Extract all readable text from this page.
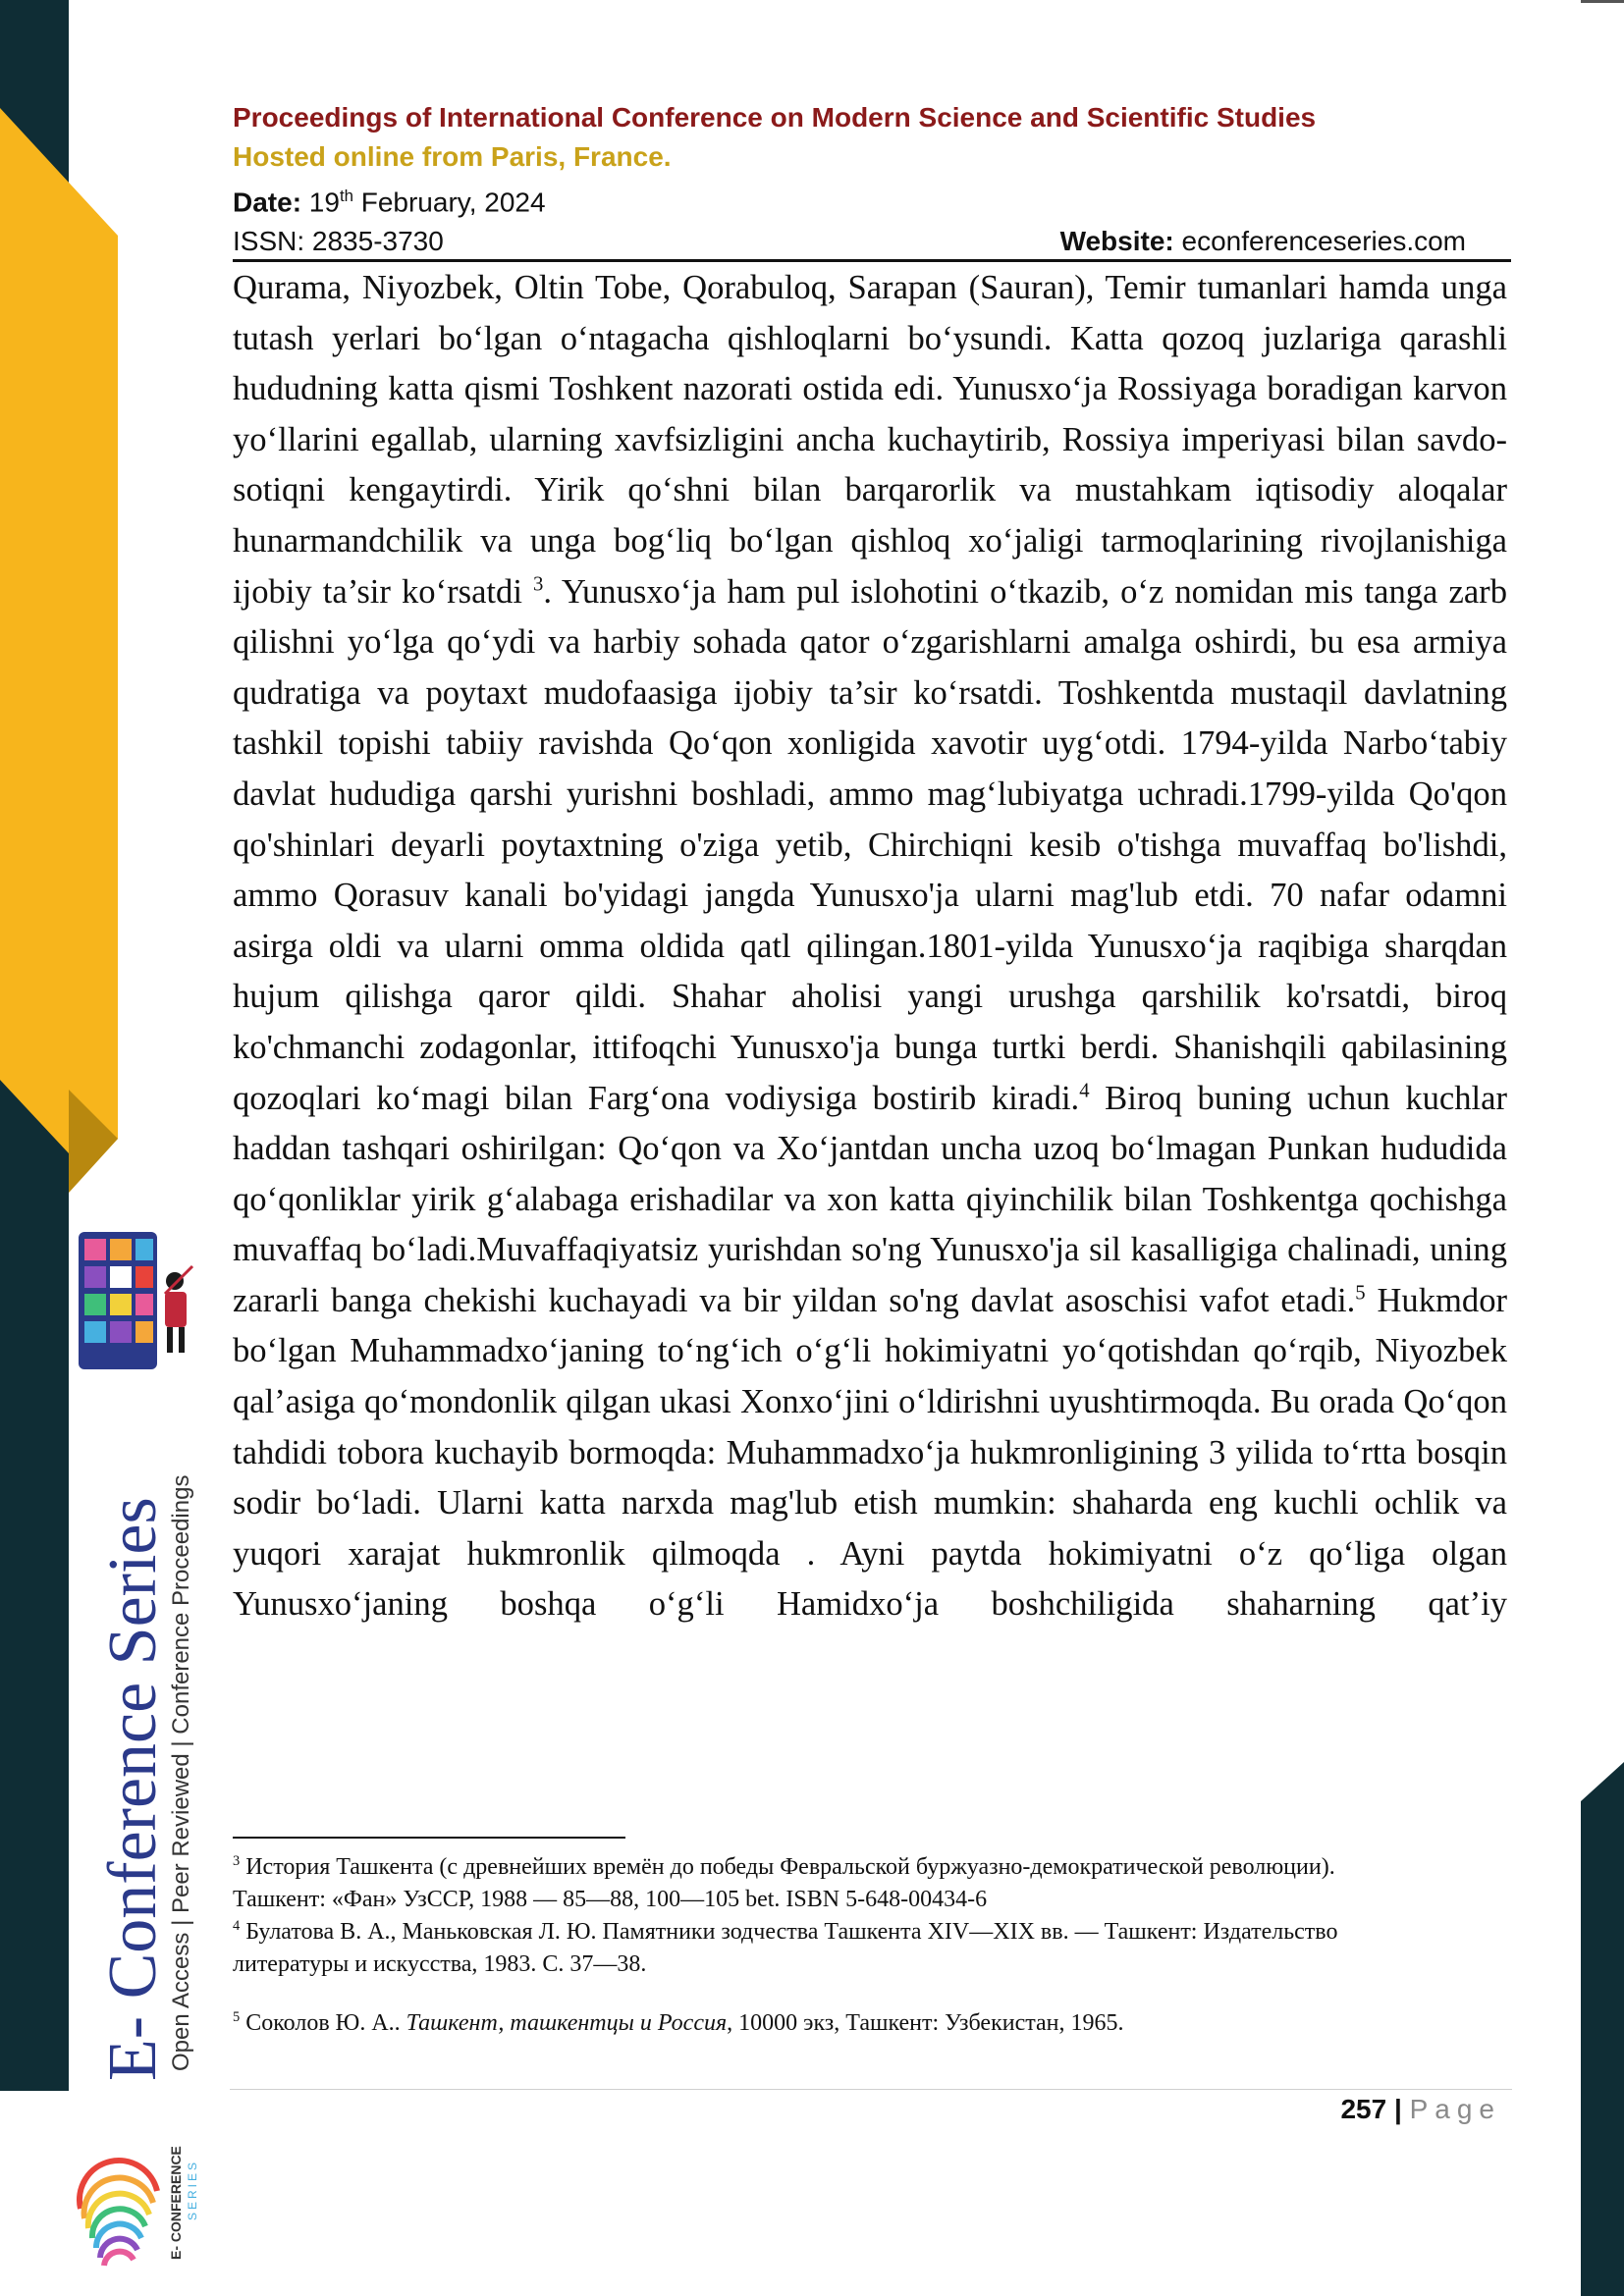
E- Conference Series
Open Access | Peer Reviewed | Conference Proceedings
E- CONFERENCE SERIES
Proceedings of International Conference on Modern Science and Scientific Studies
Hosted online from Paris, France.
Date: 19th February, 2024
ISSN: 2835-3730	Website: econferenceseries.com

Qurama, Niyozbek, Oltin Tobe, Qorabuloq, Sarapan (Sauran), Temir tumanlari hamda unga tutash yerlari bo‘lgan o‘ntagacha qishloqlarni bo‘ysundi. Katta qozoq juzlariga qarashli hududning katta qismi Toshkent nazorati ostida edi. Yunusxo‘ja Rossiyaga boradigan karvon yo‘llarini egallab, ularning xavfsizligini ancha kuchaytirib, Rossiya imperiyasi bilan savdo-sotiqni kengaytirdi. Yirik qo‘shni bilan barqarorlik va mustahkam iqtisodiy aloqalar hunarmandchilik va unga bog‘liq bo‘lgan qishloq xo‘jaligi tarmoqlarining rivojlanishiga ijobiy ta’sir ko‘rsatdi $^3$. Yunusxo‘ja ham pul islohotini o‘tkazib, o‘z nomidan mis tanga zarb qilishni yo‘lga qo‘ydi va harbiy sohada qator o‘zgarishlarni amalga oshirdi, bu esa armiya qudratiga va poytaxt mudofaasiga ijobiy ta’sir ko‘rsatdi. Toshkentda mustaqil davlatning tashkil topishi tabiiy ravishda Qo‘qon xonligida xavotir uyg‘otdi. 1794-yilda Narbo‘tabiy davlat hududiga qarshi yurishni boshladi, ammo mag‘lubiyatga uchradi.1799-yilda Qo'qon qo'shinlari deyarli poytaxtning o'ziga yetib, Chirchiqni kesib o'tishga muvaffaq bo'lishdi, ammo Qorasuv kanali bo'yidagi jangda Yunusxo'ja ularni mag'lub etdi. 70 nafar odamni asirga oldi va ularni omma oldida qatl qilingan.1801-yilda Yunusxo‘ja raqibiga sharqdan hujum qilishga qaror qildi. Shahar aholisi yangi urushga qarshilik ko'rsatdi, biroq ko'chmanchi zodagonlar, ittifoqchi Yunusxo'ja bunga turtki berdi. Shanishqili qabilasining qozoqlari ko‘magi bilan Farg‘ona vodiysiga bostirib kiradi.$^4$ Biroq buning uchun kuchlar haddan tashqari oshirilgan: Qo‘qon va Xo‘jantdan uncha uzoq bo‘lmagan Punkan hududida qo‘qonliklar yirik g‘alabaga erishadilar va xon katta qiyinchilik bilan Toshkentga qochishga muvaffaq bo‘ladi.Muvaffaqiyatsiz yurishdan so'ng Yunusxo'ja sil kasalligiga chalinadi, uning zararli banga chekishi kuchayadi va bir yildan so'ng davlat asoschisi vafot etadi.$^5$ Hukmdor bo‘lgan Muhammadxo‘janing to‘ng‘ich o‘g‘li hokimiyatni yo‘qotishdan qo‘rqib, Niyozbek qal’asiga qo‘mondonlik qilgan ukasi Xonxo‘jini o‘ldirishni uyushtirmoqda. Bu orada Qo‘qon tahdidi tobora kuchayib bormoqda: Muhammadxo‘ja hukmronligining 3 yilida to‘rtta bosqin sodir bo‘ladi. Ularni katta narxda mag'lub etish mumkin: shaharda eng kuchli ochlik va yuqori xarajat hukmronlik qilmoqda . Ayni paytda hokimiyatni o‘z qo‘liga olgan Yunusxo‘janing boshqa o‘g‘li Hamidxo‘ja boshchiligida shaharning qat’iy

$^3$ История Ташкента (с древнейших времён до победы Февральской буржуазно-демократической революции). Ташкент: «Фан» УзССР, 1988 — 85—88, 100—105 bet. ISBN 5-648-00434-6

$^4$ Булатова В. А., Маньковская Л. Ю. Памятники зодчества Ташкента XIV—XIX вв. — Ташкент: Издательство литературы и искусства, 1983. С. 37—38.

$^5$ Соколов Ю. А.. Ташкент, ташкентцы и Россия, 10000 экз, Ташкент: Узбекистан, 1965.

257 | Page
